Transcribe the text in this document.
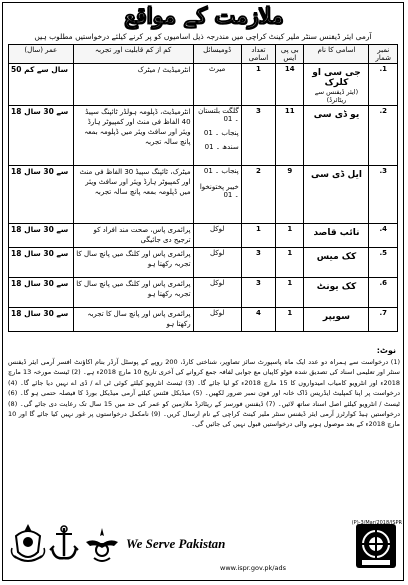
ملازمت کے مواقع
آرمی ایئر ڈیفنس سنٹر ملیر کینٹ کراچی میں مندرجہ ذیل اسامیوں کو پر کرنے کیلئے درخواستیں مطلوب ہیں
نمبر شمار	اسامی کا نام	بی پی ایس	تعداد اسامی	ڈومیسائل	کم از کم قابلیت اور تجربہ	عمر (سال)
1.	جی سی او کلرک
(ایئر ڈیفنس سے ریٹائرڈ)	14	1	میرٹ	انٹرمیڈیٹ / میٹرک	50 سال سے کم
2.	یو ڈی سی	11	3	گلگت بلتستان ۔ 01
پنجاب ۔ 01
سندھ ۔ 01	انٹرمیڈیٹ، ڈپلومہ ہولڈر ٹائپنگ سپیڈ 40 الفاظ فی منٹ اور کمپیوٹر ہارڈ ویئر اور سافٹ ویئر میں ڈپلومہ بمعہ پانچ سالہ تجربہ	18 سے 30 سال
3.	ایل ڈی سی	9	2	پنجاب ۔ 01
خیبر پختونخوا ۔ 01	میٹرک، ٹائپنگ سپیڈ 30 الفاظ فی منٹ اور کمپیوٹر ہارڈ ویئر اور سافٹ ویئر میں ڈپلومہ بمعہ پانچ سالہ تجربہ	18 سے 30 سال
4.	نائب قاصد	1	1	لوکل	پرائمری پاس، صحت مند افراد کو ترجیح دی جائیگی	18 سے 30 سال
5.	کک میس	1	3	لوکل	پرائمری پاس اور کلنگ میں پانچ سال کا تجربہ رکھتا ہو	18 سے 30 سال
6.	کک یونٹ	1	3	لوکل	پرائمری پاس اور کلنگ میں پانچ سال کا تجربہ رکھتا ہو	18 سے 30 سال
7.	سویپر	1	4	لوکل	پرائمری پاس اور پانچ سال کا تجربہ رکھتا ہو	18 سے 30 سال
نوٹ:
(1) درخواست سے ہمراہ دو عدد ایک ماہ پاسپورٹ سائز تصاویر، شناختی کارڈ، 200 روپے کے پوسٹل آرڈر بنام اکاؤنٹ افسر آرمی ایئر ڈیفنس سنٹر اور تعلیمی اسناد کی تصدیق شدہ فوٹو کاپیاں مع جوابی لفافہ جمع کروانے کی آخری تاریخ 10 مارچ 2018ء ہے۔ (2) ٹیسٹ مورخہ 13 مارچ 2018ء اور انٹرویو کامیاب امیدواروں کا 15 مارچ 2018ء کو لیا جائے گا۔ (3) ٹیسٹ انٹرویو کیلئے کوئی ٹی اے / ڈی اے نہیں دیا جائے گا۔ (4) درخواست پر اپنا کمپلیٹ ایڈریس ڈاک خانہ اور فون نمبر ضرور لکھیں۔ (5) میڈیکل فٹنس کیلئے آرمی میڈیکل بورڈ کا فیصلہ حتمی ہو گا۔ (6) ٹیسٹ / انٹرویو کیلئے اصل اسناد ساتھ لائیں۔ (7) ڈیفنس فورسز کے ریٹائرڈ ملازمین کو عمر کی حد میں 15 سال تک رعایت دی جائے گی۔ (8) درخواستیں ہیڈ کوارٹرز آرمی ایئر ڈیفنس سنٹر ملیر کینٹ کراچی کے نام ارسال کریں۔ (9) نامکمل درخواستوں پر غور نہیں کیا جائے گا اور 10 مارچ 2018ء کے بعد موصول ہونے والی درخواستیں قبول نہیں کی جائیں گی۔
We Serve Pakistan
www.ispr.gov.pk/ads
(P)-3/Mar/2018/ISPR
